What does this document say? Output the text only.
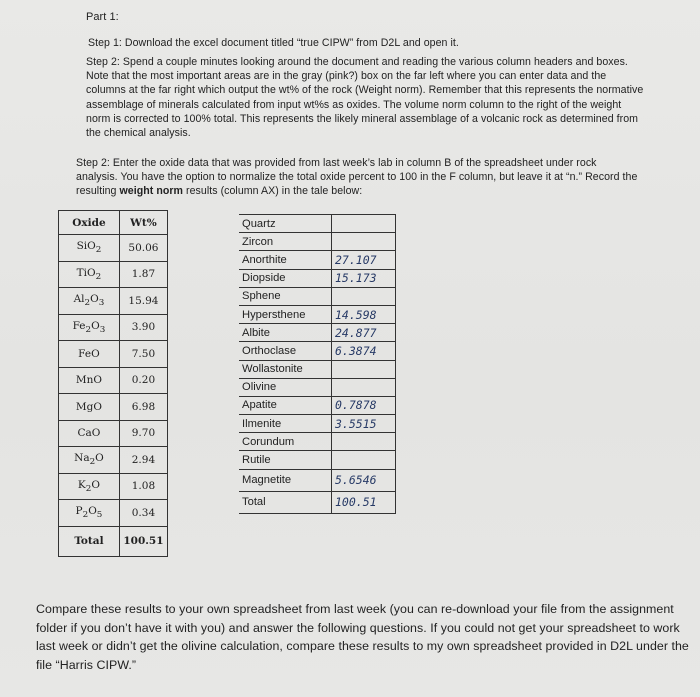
Part 1:

Step 1: Download the excel document titled “true CIPW” from D2L and open it.

Step 2: Spend a couple minutes looking around the document and reading the various column headers and boxes. Note that the most important areas are in the gray (pink?) box on the far left where you can enter data and the columns at the far right which output the wt% of the rock (Weight norm). Remember that this represents the normative assemblage of minerals calculated from input wt%s as oxides. The volume norm column to the right of the weight norm is corrected to 100% total. This represents the likely mineral assemblage of a volcanic rock as determined from the chemical analysis.

Step 2: Enter the oxide data that was provided from last week’s lab in column B of the spreadsheet under rock analysis. You have the option to normalize the total oxide percent to 100 in the F column, but leave it at “n.” Record the resulting weight norm results (column AX) in the tale below:

Oxide	Wt%
SiO$_2$	50.06
TiO$_2$	1.87
$Al_2O_3$	15.94
$Fe_2O_3$	3.90
FeO	7.50
MnO	0.20
MgO	6.98
CaO	9.70
$Na_2O$	2.94
$K_2O$	1.08
$P_2O_5$	0.34
Total	100.51
Quartz	
Zircon	
Anorthite	27.107
Diopside	15.173
Sphene	
Hypersthene	14.598
Albite	24.877
Orthoclase	6.3874
Wollastonite	
Olivine	
Apatite	0.7878
Ilmenite	3.5515
Corundum	
Rutile	
Magnetite	5.6546
Total	100.51

Compare these results to your own spreadsheet from last week (you can re-download your file from the assignment folder if you don’t have it with you) and answer the following questions. If you could not get your spreadsheet to work last week or didn’t get the olivine calculation, compare these results to my own spreadsheet provided in D2L under the file “Harris CIPW.”
